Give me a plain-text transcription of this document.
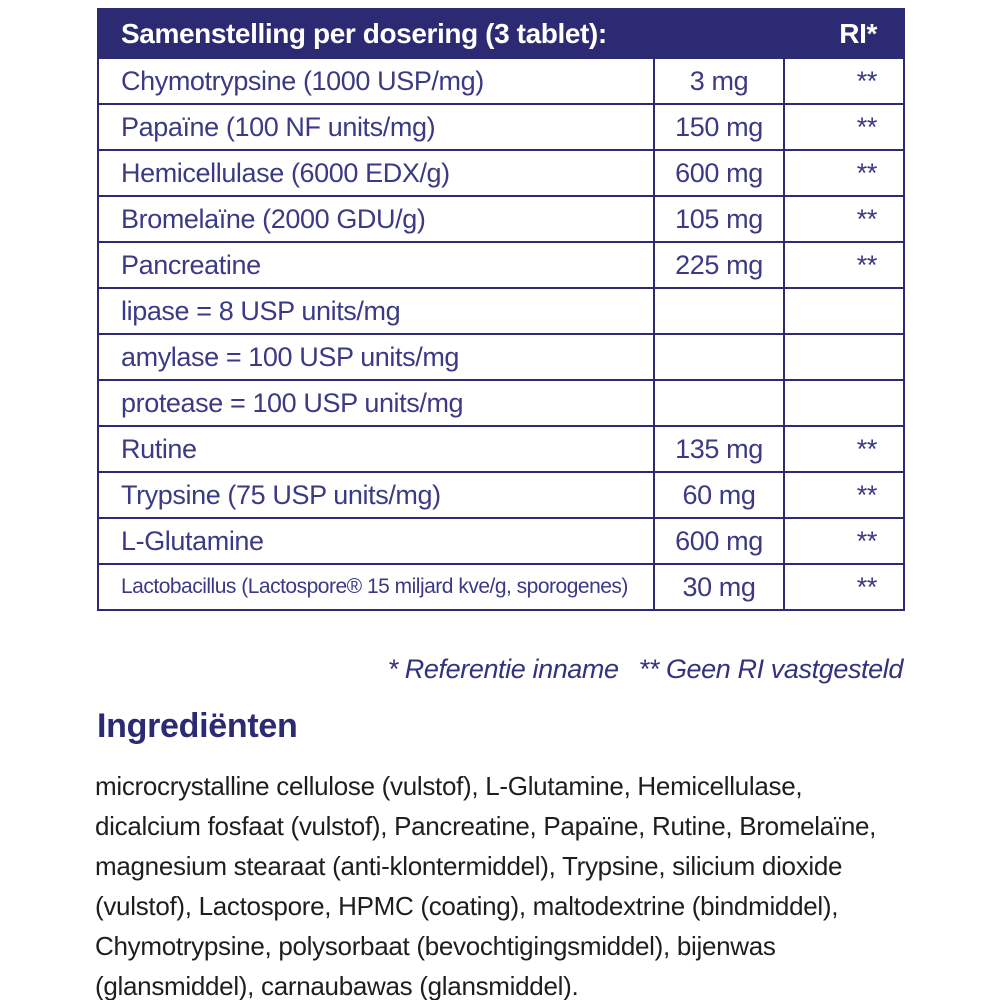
Samenstelling per dosering (3 tablet):		RI*
Chymotrypsine (1000 USP/mg)	3 mg	**
Papaïne (100 NF units/mg)	150 mg	**
Hemicellulase (6000 EDX/g)	600 mg	**
Bromelaïne (2000 GDU/g)	105 mg	**
Pancreatine	225 mg	**
lipase = 8 USP units/mg		
amylase = 100 USP units/mg		
protease = 100 USP units/mg		
Rutine	135 mg	**
Trypsine (75 USP units/mg)	60 mg	**
L-Glutamine	600 mg	**
Lactobacillus (Lactospore® 15 miljard kve/g, sporogenes)	30 mg	**
* Referentie inname ** Geen RI vastgesteld
Ingrediënten
microcrystalline cellulose (vulstof), L-Glutamine, Hemicellulase,
dicalcium fosfaat (vulstof), Pancreatine, Papaïne, Rutine, Bromelaïne,
magnesium stearaat (anti-klontermiddel), Trypsine, silicium dioxide
(vulstof), Lactospore, HPMC (coating), maltodextrine (bindmiddel),
Chymotrypsine, polysorbaat (bevochtigingsmiddel), bijenwas
(glansmiddel), carnaubawas (glansmiddel).
